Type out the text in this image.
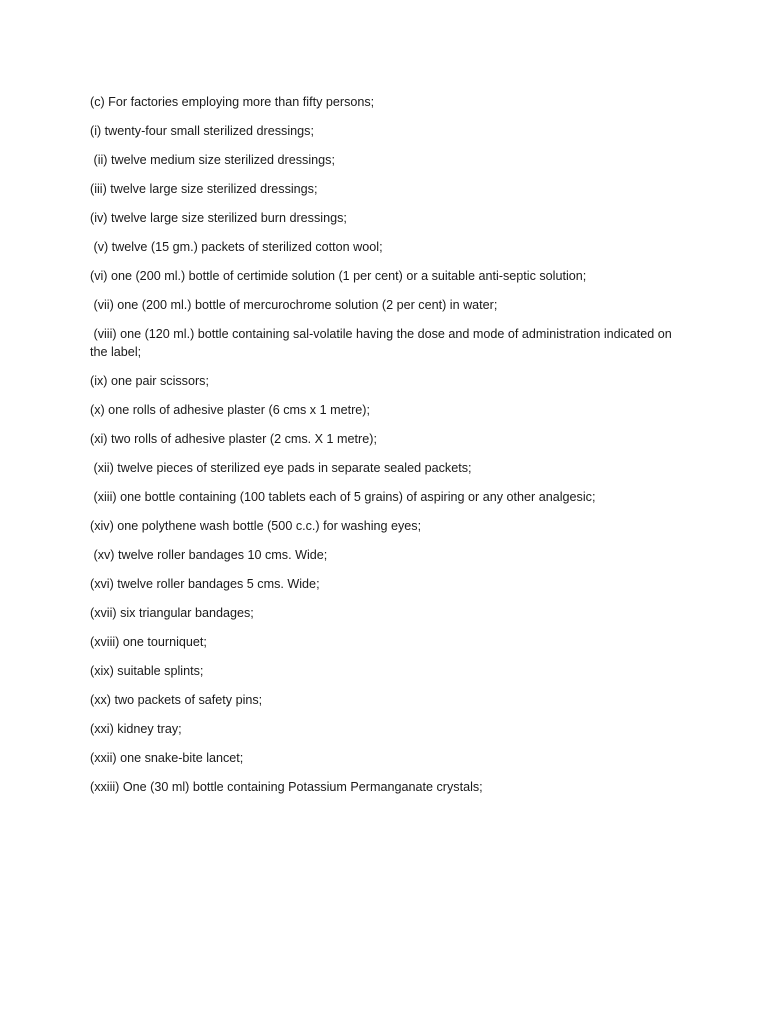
(c) For factories employing more than fifty persons;

(i) twenty-four small sterilized dressings;

(ii) twelve medium size sterilized dressings;

(iii) twelve large size sterilized dressings;

(iv) twelve large size sterilized burn dressings;

(v) twelve (15 gm.) packets of sterilized cotton wool;

(vi) one (200 ml.) bottle of certimide solution (1 per cent) or a suitable anti-septic solution;

(vii) one (200 ml.) bottle of mercurochrome solution (2 per cent) in water;

(viii) one (120 ml.) bottle containing sal-volatile having the dose and mode of administration indicated on the label;

(ix) one pair scissors;

(x) one rolls of adhesive plaster (6 cms x 1 metre);

(xi) two rolls of adhesive plaster (2 cms. X 1 metre);

(xii) twelve pieces of sterilized eye pads in separate sealed packets;

(xiii) one bottle containing (100 tablets each of 5 grains) of aspiring or any other analgesic;

(xiv) one polythene wash bottle (500 c.c.) for washing eyes;

(xv) twelve roller bandages 10 cms. Wide;

(xvi) twelve roller bandages 5 cms. Wide;

(xvii) six triangular bandages;

(xviii) one tourniquet;

(xix) suitable splints;

(xx) two packets of safety pins;

(xxi) kidney tray;

(xxii) one snake-bite lancet;

(xxiii) One (30 ml) bottle containing Potassium Permanganate crystals;
